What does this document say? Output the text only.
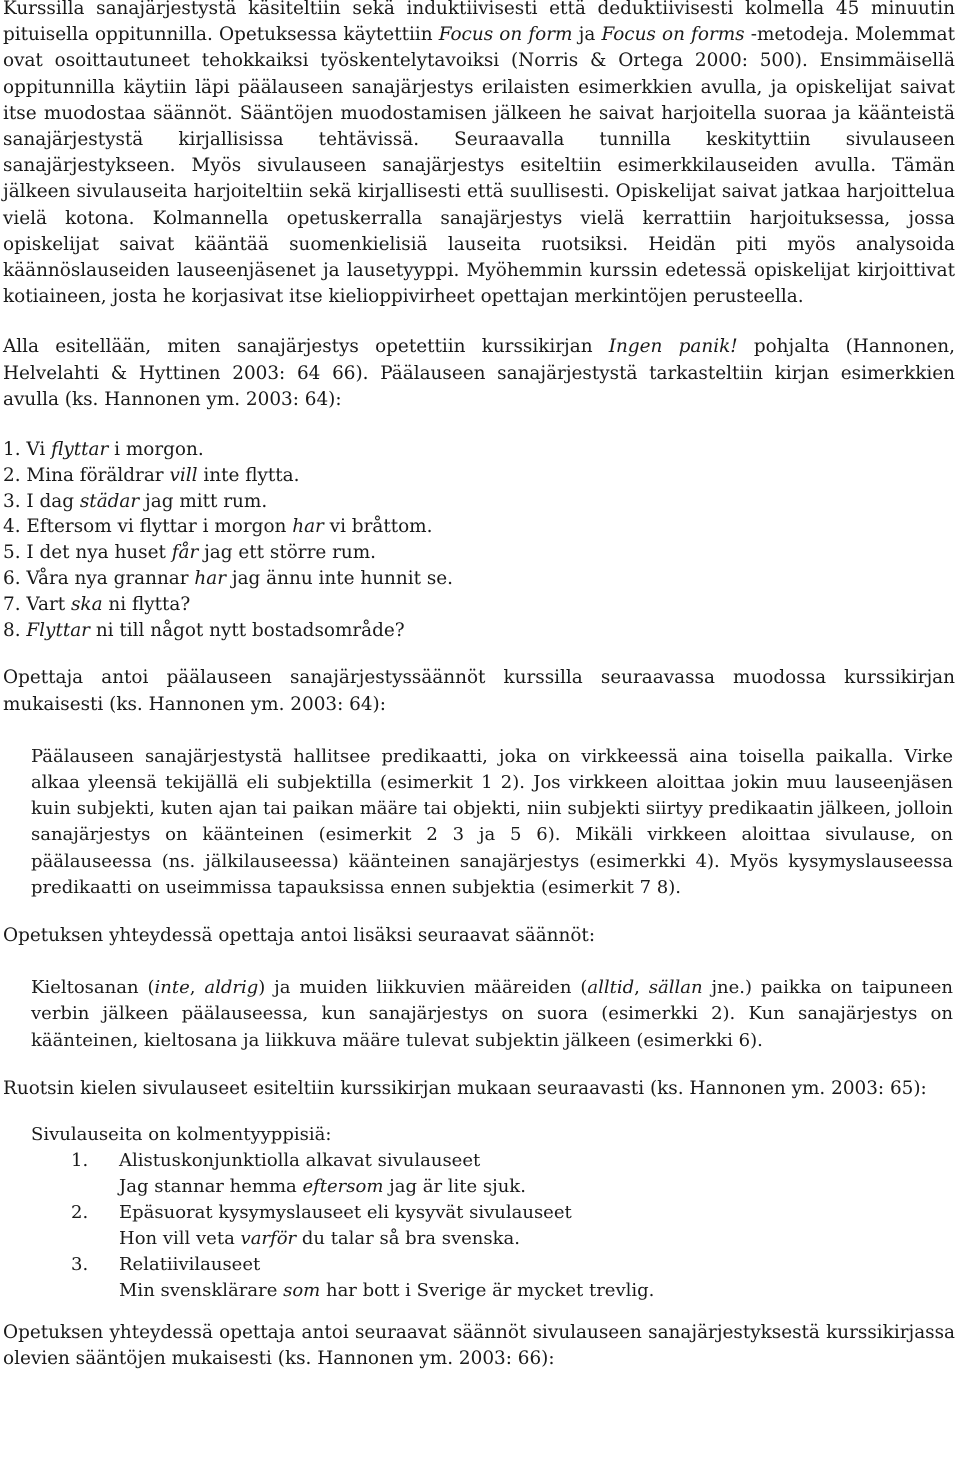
Kurssilla sanajärjestystä käsiteltiin sekä induktiivisesti että deduktiivisesti kolmella 45 minuutin pituisella oppitunnilla. Opetuksessa käytettiin Focus on form ja Focus on forms -metodeja. Molemmat ovat osoittautuneet tehokkaiksi työskentelytavoiksi (Norris & Ortega 2000: 500). Ensimmäisellä oppitunnilla käytiin läpi päälauseen sanajärjestys erilaisten esimerkkien avulla, ja opiskelijat saivat itse muodostaa säännöt. Sääntöjen muodostamisen jälkeen he saivat harjoitella suoraa ja käänteistä sanajärjestystä kirjallisissa tehtävissä. Seuraavalla tunnilla keskityttiin sivulauseen sanajärjestykseen. Myös sivulauseen sanajärjestys esiteltiin esimerkkilauseiden avulla. Tämän jälkeen sivulauseita harjoiteltiin sekä kirjallisesti että suullisesti. Opiskelijat saivat jatkaa harjoittelua vielä kotona. Kolmannella opetuskerralla sanajärjestys vielä kerrattiin harjoituksessa, jossa opiskelijat saivat kääntää suomenkielisiä lauseita ruotsiksi. Heidän piti myös analysoida käännöslauseiden lauseenjäsenet ja lausetyyppi. Myöhemmin kurssin edetessä opiskelijat kirjoittivat kotiaineen, josta he korjasivat itse kielioppivirheet opettajan merkintöjen perusteella.

Alla esitellään, miten sanajärjestys opetettiin kurssikirjan Ingen panik! pohjalta (Hannonen, Helvelahti & Hyttinen 2003: 64 66). Päälauseen sanajärjestystä tarkasteltiin kirjan esimerkkien avulla (ks. Hannonen ym. 2003: 64):

1. Vi flyttar i morgon.
2. Mina föräldrar vill inte flytta.
3. I dag städar jag mitt rum.
4. Eftersom vi flyttar i morgon har vi bråttom.
5. I det nya huset får jag ett större rum.
6. Våra nya grannar har jag ännu inte hunnit se.
7. Vart ska ni flytta?
8. Flyttar ni till något nytt bostadsområde?

Opettaja antoi päälauseen sanajärjestyssäännöt kurssilla seuraavassa muodossa kurssikirjan mukaisesti (ks. Hannonen ym. 2003: 64):

Päälauseen sanajärjestystä hallitsee predikaatti, joka on virkkeessä aina toisella paikalla. Virke alkaa yleensä tekijällä eli subjektilla (esimerkit 1 2). Jos virkkeen aloittaa jokin muu lauseenjäsen kuin subjekti, kuten ajan tai paikan määre tai objekti, niin subjekti siirtyy predikaatin jälkeen, jolloin sanajärjestys on käänteinen (esimerkit 2 3 ja 5 6). Mikäli virkkeen aloittaa sivulause, on päälauseessa (ns. jälkilauseessa) käänteinen sanajärjestys (esimerkki 4). Myös kysymyslauseessa predikaatti on useimmissa tapauksissa ennen subjektia (esimerkit 7 8).

Opetuksen yhteydessä opettaja antoi lisäksi seuraavat säännöt:

Kieltosanan (inte, aldrig) ja muiden liikkuvien määreiden (alltid, sällan jne.) paikka on taipuneen verbin jälkeen päälauseessa, kun sanajärjestys on suora (esimerkki 2). Kun sanajärjestys on käänteinen, kieltosana ja liikkuva määre tulevat subjektin jälkeen (esimerkki 6).

Ruotsin kielen sivulauseet esiteltiin kurssikirjan mukaan seuraavasti (ks. Hannonen ym. 2003: 65):

Sivulauseita on kolmentyyppisiä:
1.	Alistuskonjunktiolla alkavat sivulauseet
Jag stannar hemma eftersom jag är lite sjuk.
2.	Epäsuorat kysymyslauseet eli kysyvät sivulauseet
Hon vill veta varför du talar så bra svenska.
3.	Relatiivilauseet
Min svensklärare som har bott i Sverige är mycket trevlig.

Opetuksen yhteydessä opettaja antoi seuraavat säännöt sivulauseen sanajärjestyksestä kurssikirjassa olevien sääntöjen mukaisesti (ks. Hannonen ym. 2003: 66):
